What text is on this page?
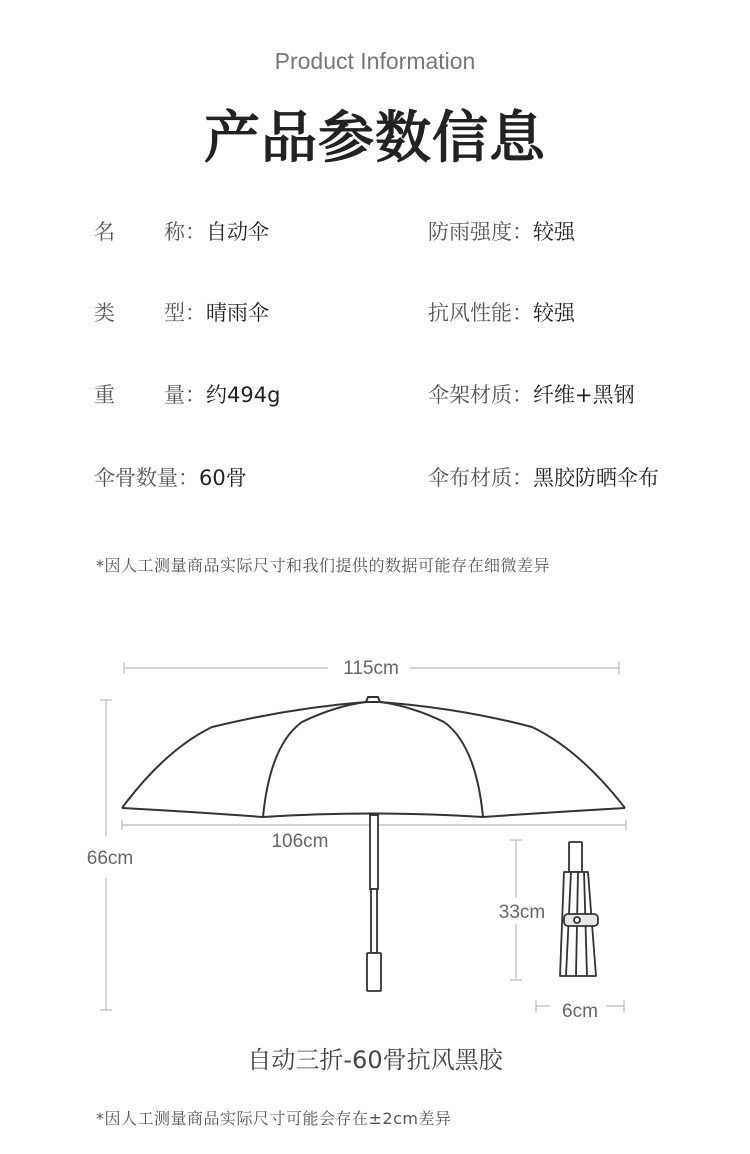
Product Information
产品参数信息
名 称：自动伞	防雨强度：较强
类 型：晴雨伞	抗风性能：较强
重 量：约494g	伞架材质：纤维+黑钢
伞骨数量：60骨	伞布材质：黑胶防晒伞布
*因人工测量商品实际尺寸和我们提供的数据可能存在细微差异
115cm
66cm
106cm
33cm
6cm
自动三折-60骨抗风黑胶
*因人工测量商品实际尺寸可能会存在±2cm差异
